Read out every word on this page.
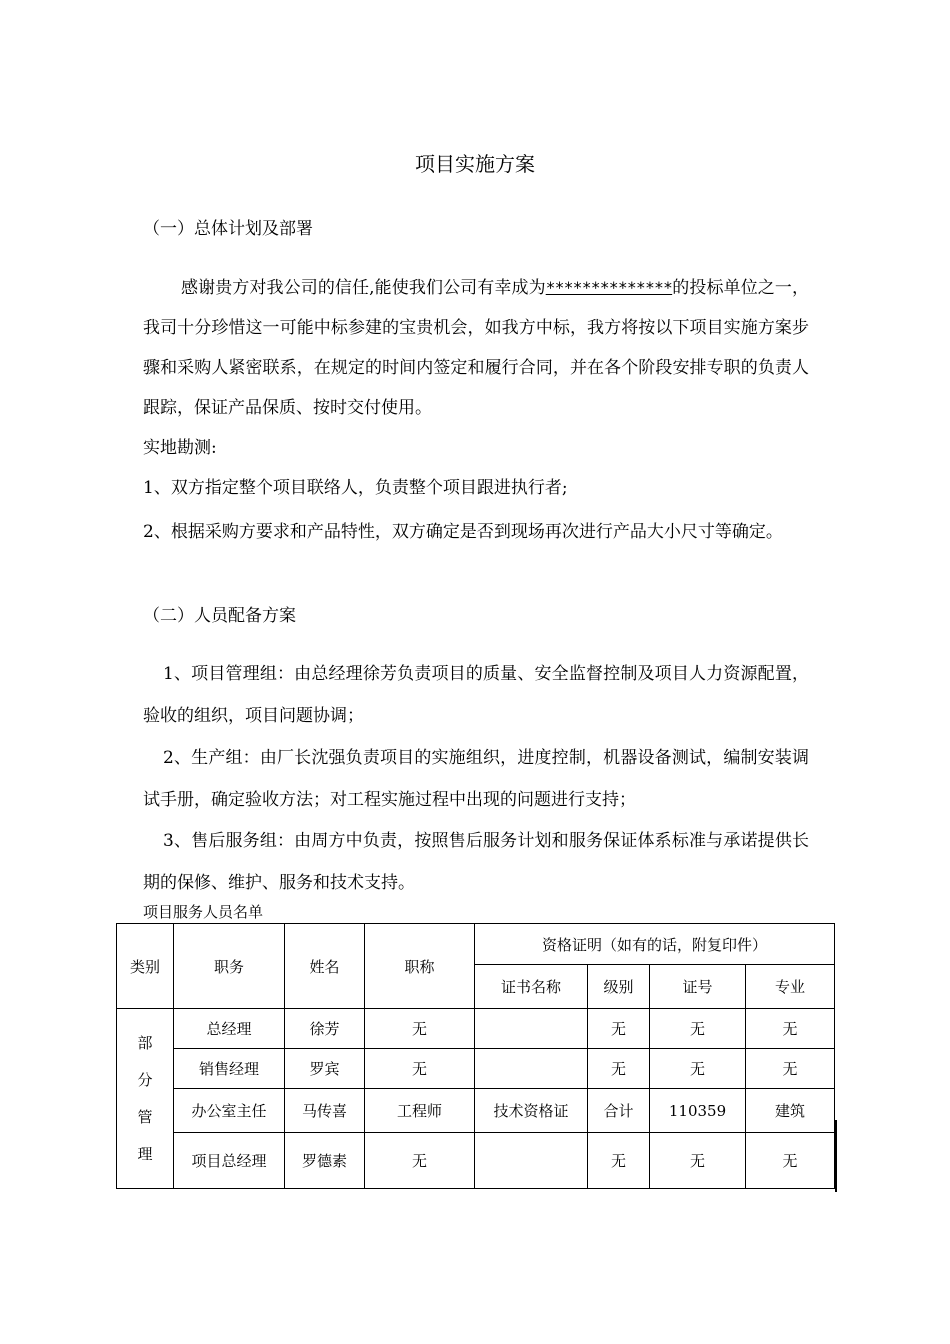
项目实施方案
（一）总体计划及部署
感谢贵方对我公司的信任,能使我们公司有幸成为**************的投标单位之一，我司十分珍惜这一可能中标参建的宝贵机会，如我方中标，我方将按以下项目实施方案步骤和采购人紧密联系，在规定的时间内签定和履行合同，并在各个阶段安排专职的负责人跟踪，保证产品保质、按时交付使用。
实地勘测:
1、双方指定整个项目联络人，负责整个项目跟进执行者;
2、根据采购方要求和产品特性，双方确定是否到现场再次进行产品大小尺寸等确定。
（二）人员配备方案
1、项目管理组：由总经理徐芳负责项目的质量、安全监督控制及项目人力资源配置，验收的组织，项目问题协调；
2、生产组：由厂长沈强负责项目的实施组织，进度控制，机器设备测试，编制安装调试手册，确定验收方法；对工程实施过程中出现的问题进行支持；
3、售后服务组：由周方中负责，按照售后服务计划和服务保证体系标准与承诺提供长期的保修、维护、服务和技术支持。
项目服务人员名单
类别	职务	姓名	职称	资格证明（如有的话，附复印件）			
				证书名称	级别	证号	专业

部
分
管
理	总经理	徐芳	无		无	无	无
	销售经理	罗宾	无		无	无	无
	办公室主任	马传喜	工程师	技术资格证	合计	110359	建筑
	项目总经理	罗德素	无		无	无	无
